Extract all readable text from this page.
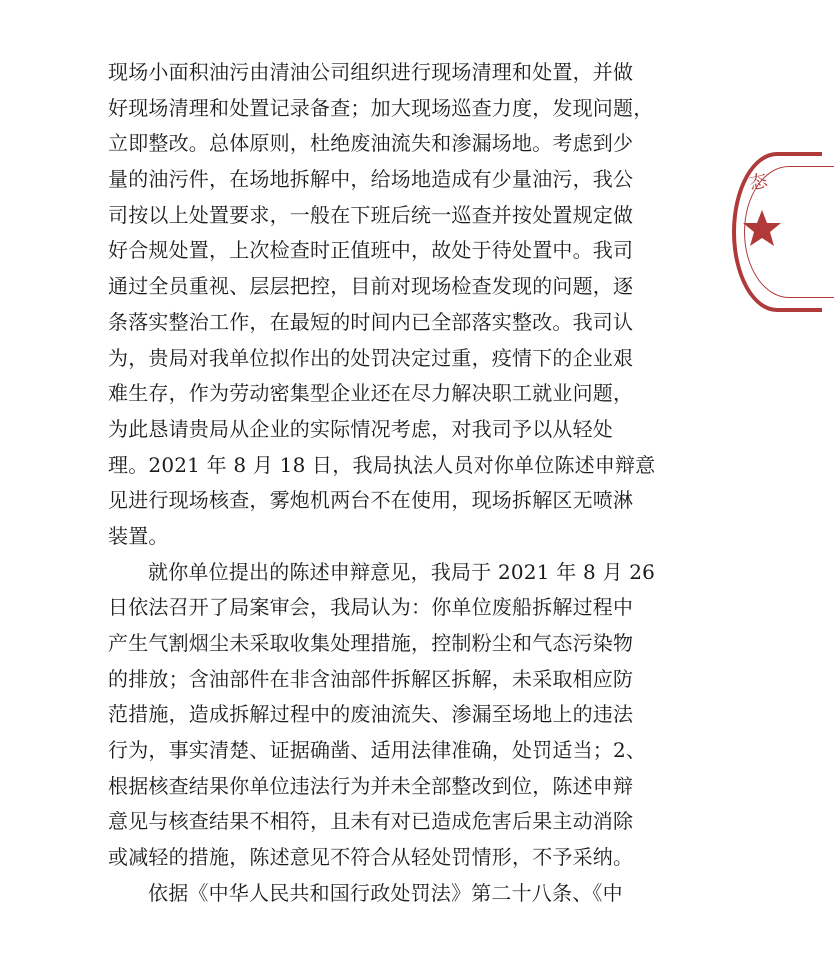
现场小面积油污由清油公司组织进行现场清理和处置，并做
好现场清理和处置记录备查；加大现场巡查力度，发现问题，
立即整改。总体原则，杜绝废油流失和渗漏场地。考虑到少
量的油污件，在场地拆解中，给场地造成有少量油污，我公
司按以上处置要求，一般在下班后统一巡查并按处置规定做
好合规处置，上次检查时正值班中，故处于待处置中。我司
通过全员重视、层层把控，目前对现场检查发现的问题，逐
条落实整治工作，在最短的时间内已全部落实整改。我司认
为，贵局对我单位拟作出的处罚决定过重，疫情下的企业艰
难生存，作为劳动密集型企业还在尽力解决职工就业问题，
为此恳请贵局从企业的实际情况考虑，对我司予以从轻处
理。2021 年 8 月 18 日，我局执法人员对你单位陈述申辩意
见进行现场核查，雾炮机两台不在使用，现场拆解区无喷淋
装置。
就你单位提出的陈述申辩意见，我局于 2021 年 8 月 26
日依法召开了局案审会，我局认为：你单位废船拆解过程中
产生气割烟尘未采取收集处理措施，控制粉尘和气态污染物
的排放；含油部件在非含油部件拆解区拆解，未采取相应防
范措施，造成拆解过程中的废油流失、渗漏至场地上的违法
行为，事实清楚、证据确凿、适用法律准确，处罚适当；2、
根据核查结果你单位违法行为并未全部整改到位，陈述申辩
意见与核查结果不相符，且未有对已造成危害后果主动消除
或减轻的措施，陈述意见不符合从轻处罚情形，不予采纳。
依据《中华人民共和国行政处罚法》第二十八条、《中
态
